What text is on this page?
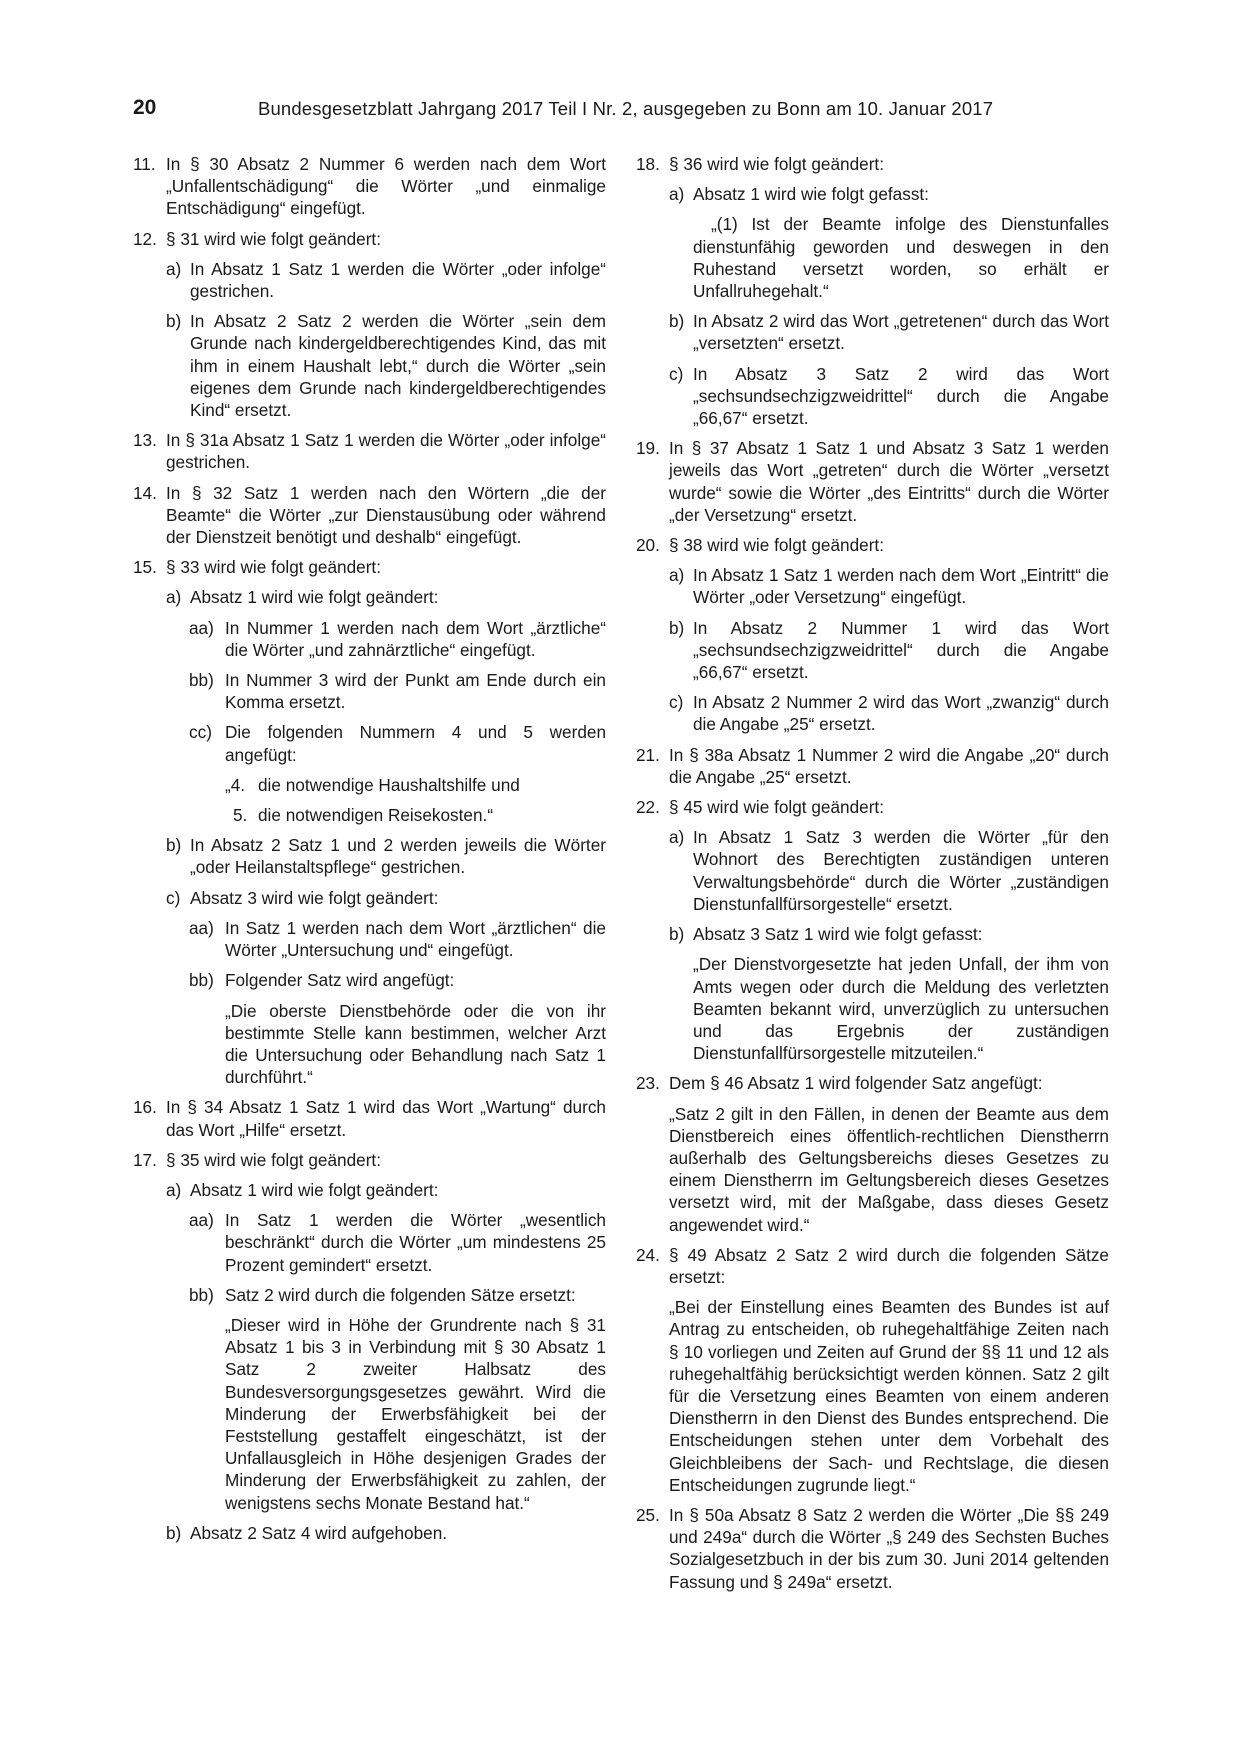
20	Bundesgesetzblatt Jahrgang 2017 Teil I Nr. 2, ausgegeben zu Bonn am 10. Januar 2017
11. In § 30 Absatz 2 Nummer 6 werden nach dem Wort „Unfallentschädigung“ die Wörter „und einmalige Entschädigung“ eingefügt.
12. § 31 wird wie folgt geändert:
a) In Absatz 1 Satz 1 werden die Wörter „oder infolge“ gestrichen.
b) In Absatz 2 Satz 2 werden die Wörter „sein dem Grunde nach kindergeldberechtigendes Kind, das mit ihm in einem Haushalt lebt,“ durch die Wörter „sein eigenes dem Grunde nach kindergeldberechtigendes Kind“ ersetzt.
13. In § 31a Absatz 1 Satz 1 werden die Wörter „oder infolge“ gestrichen.
14. In § 32 Satz 1 werden nach den Wörtern „die der Beamte“ die Wörter „zur Dienstausübung oder während der Dienstzeit benötigt und deshalb“ eingefügt.
15. § 33 wird wie folgt geändert:
a) Absatz 1 wird wie folgt geändert:
aa) In Nummer 1 werden nach dem Wort „ärztliche“ die Wörter „und zahnärztliche“ eingefügt.
bb) In Nummer 3 wird der Punkt am Ende durch ein Komma ersetzt.
cc) Die folgenden Nummern 4 und 5 werden angefügt:
„4. die notwendige Haushaltshilfe und
5. die notwendigen Reisekosten.“
b) In Absatz 2 Satz 1 und 2 werden jeweils die Wörter „oder Heilanstaltspflege“ gestrichen.
c) Absatz 3 wird wie folgt geändert:
aa) In Satz 1 werden nach dem Wort „ärztlichen“ die Wörter „Untersuchung und“ eingefügt.
bb) Folgender Satz wird angefügt:
„Die oberste Dienstbehörde oder die von ihr bestimmte Stelle kann bestimmen, welcher Arzt die Untersuchung oder Behandlung nach Satz 1 durchführt.“
16. In § 34 Absatz 1 Satz 1 wird das Wort „Wartung“ durch das Wort „Hilfe“ ersetzt.
17. § 35 wird wie folgt geändert:
a) Absatz 1 wird wie folgt geändert:
aa) In Satz 1 werden die Wörter „wesentlich beschränkt“ durch die Wörter „um mindestens 25 Prozent gemindert“ ersetzt.
bb) Satz 2 wird durch die folgenden Sätze ersetzt:
„Dieser wird in Höhe der Grundrente nach § 31 Absatz 1 bis 3 in Verbindung mit § 30 Absatz 1 Satz 2 zweiter Halbsatz des Bundesversorgungsgesetzes gewährt. Wird die Minderung der Erwerbsfähigkeit bei der Feststellung gestaffelt eingeschätzt, ist der Unfallausgleich in Höhe desjenigen Grades der Minderung der Erwerbsfähigkeit zu zahlen, der wenigstens sechs Monate Bestand hat.“
b) Absatz 2 Satz 4 wird aufgehoben.
18. § 36 wird wie folgt geändert:
a) Absatz 1 wird wie folgt gefasst:
„(1) Ist der Beamte infolge des Dienstunfalles dienstunfähig geworden und deswegen in den Ruhestand versetzt worden, so erhält er Unfallruhegehalt.“
b) In Absatz 2 wird das Wort „getretenen“ durch das Wort „versetzten“ ersetzt.
c) In Absatz 3 Satz 2 wird das Wort „sechsundsechzigzweidrittel“ durch die Angabe „66,67“ ersetzt.
19. In § 37 Absatz 1 Satz 1 und Absatz 3 Satz 1 werden jeweils das Wort „getreten“ durch die Wörter „versetzt wurde“ sowie die Wörter „des Eintritts“ durch die Wörter „der Versetzung“ ersetzt.
20. § 38 wird wie folgt geändert:
a) In Absatz 1 Satz 1 werden nach dem Wort „Eintritt“ die Wörter „oder Versetzung“ eingefügt.
b) In Absatz 2 Nummer 1 wird das Wort „sechsundsechzigzweidrittel“ durch die Angabe „66,67“ ersetzt.
c) In Absatz 2 Nummer 2 wird das Wort „zwanzig“ durch die Angabe „25“ ersetzt.
21. In § 38a Absatz 1 Nummer 2 wird die Angabe „20“ durch die Angabe „25“ ersetzt.
22. § 45 wird wie folgt geändert:
a) In Absatz 1 Satz 3 werden die Wörter „für den Wohnort des Berechtigten zuständigen unteren Verwaltungsbehörde“ durch die Wörter „zuständigen Dienstunfallfürsorgestelle“ ersetzt.
b) Absatz 3 Satz 1 wird wie folgt gefasst:
„Der Dienstvorgesetzte hat jeden Unfall, der ihm von Amts wegen oder durch die Meldung des verletzten Beamten bekannt wird, unverzüglich zu untersuchen und das Ergebnis der zuständigen Dienstunfallfürsorgestelle mitzuteilen.“
23. Dem § 46 Absatz 1 wird folgender Satz angefügt:
„Satz 2 gilt in den Fällen, in denen der Beamte aus dem Dienstbereich eines öffentlich-rechtlichen Dienstherrn außerhalb des Geltungsbereichs dieses Gesetzes zu einem Dienstherrn im Geltungsbereich dieses Gesetzes versetzt wird, mit der Maßgabe, dass dieses Gesetz angewendet wird.“
24. § 49 Absatz 2 Satz 2 wird durch die folgenden Sätze ersetzt:
„Bei der Einstellung eines Beamten des Bundes ist auf Antrag zu entscheiden, ob ruhegehaltfähige Zeiten nach § 10 vorliegen und Zeiten auf Grund der §§ 11 und 12 als ruhegehaltfähig berücksichtigt werden können. Satz 2 gilt für die Versetzung eines Beamten von einem anderen Dienstherrn in den Dienst des Bundes entsprechend. Die Entscheidungen stehen unter dem Vorbehalt des Gleichbleibens der Sach- und Rechtslage, die diesen Entscheidungen zugrunde liegt.“
25. In § 50a Absatz 8 Satz 2 werden die Wörter „Die §§ 249 und 249a“ durch die Wörter „§ 249 des Sechsten Buches Sozialgesetzbuch in der bis zum 30. Juni 2014 geltenden Fassung und § 249a“ ersetzt.
